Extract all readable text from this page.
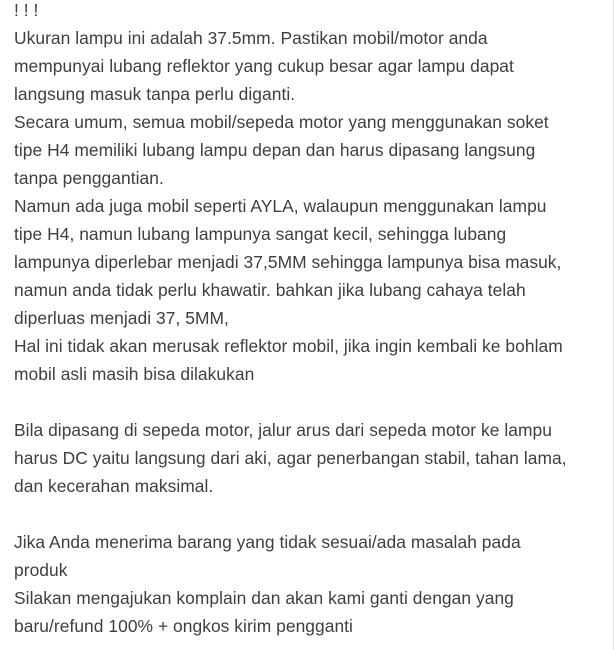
! ! !
Ukuran lampu ini adalah 37.5mm. Pastikan mobil/motor anda
mempunyai lubang reflektor yang cukup besar agar lampu dapat
langsung masuk tanpa perlu diganti.
Secara umum, semua mobil/sepeda motor yang menggunakan soket
tipe H4 memiliki lubang lampu depan dan harus dipasang langsung
tanpa penggantian.
Namun ada juga mobil seperti AYLA, walaupun menggunakan lampu
tipe H4, namun lubang lampunya sangat kecil, sehingga lubang
lampunya diperlebar menjadi 37,5MM sehingga lampunya bisa masuk,
namun anda tidak perlu khawatir. bahkan jika lubang cahaya telah
diperluas menjadi 37, 5MM,
Hal ini tidak akan merusak reflektor mobil, jika ingin kembali ke bohlam
mobil asli masih bisa dilakukan
Bila dipasang di sepeda motor, jalur arus dari sepeda motor ke lampu
harus DC yaitu langsung dari aki, agar penerbangan stabil, tahan lama,
dan kecerahan maksimal.
Jika Anda menerima barang yang tidak sesuai/ada masalah pada
produk
Silakan mengajukan komplain dan akan kami ganti dengan yang
baru/refund 100% + ongkos kirim pengganti
